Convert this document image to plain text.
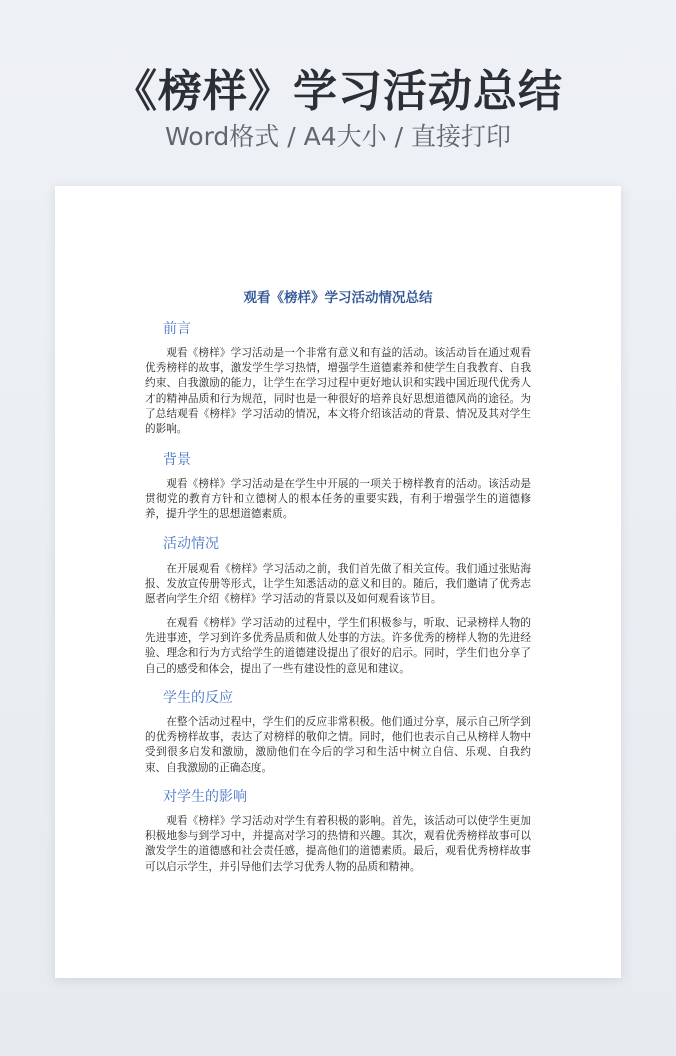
《榜样》学习活动总结
Word格式 / A4大小 / 直接打印
观看《榜样》学习活动情况总结
前言

观看《榜样》学习活动是一个非常有意义和有益的活动。该活动旨在通过观看优秀榜样的故事，激发学生学习热情，增强学生道德素养和使学生自我教育、自我约束、自我激励的能力，让学生在学习过程中更好地认识和实践中国近现代优秀人才的精神品质和行为规范，同时也是一种很好的培养良好思想道德风尚的途径。为了总结观看《榜样》学习活动的情况，本文将介绍该活动的背景、情况及其对学生的影响。

背景

观看《榜样》学习活动是在学生中开展的一项关于榜样教育的活动。该活动是贯彻党的教育方针和立德树人的根本任务的重要实践，有利于增强学生的道德修养，提升学生的思想道德素质。

活动情况

在开展观看《榜样》学习活动之前，我们首先做了相关宣传。我们通过张贴海报、发放宣传册等形式，让学生知悉活动的意义和目的。随后，我们邀请了优秀志愿者向学生介绍《榜样》学习活动的背景以及如何观看该节目。

在观看《榜样》学习活动的过程中，学生们积极参与，听取、记录榜样人物的先进事迹，学习到许多优秀品质和做人处事的方法。许多优秀的榜样人物的先进经验、理念和行为方式给学生的道德建设提出了很好的启示。同时，学生们也分享了自己的感受和体会，提出了一些有建设性的意见和建议。

学生的反应

在整个活动过程中，学生们的反应非常积极。他们通过分享，展示自己所学到的优秀榜样故事，表达了对榜样的敬仰之情。同时，他们也表示自己从榜样人物中受到很多启发和激励，激励他们在今后的学习和生活中树立自信、乐观、自我约束、自我激励的正确态度。

对学生的影响

观看《榜样》学习活动对学生有着积极的影响。首先，该活动可以使学生更加积极地参与到学习中，并提高对学习的热情和兴趣。其次，观看优秀榜样故事可以激发学生的道德感和社会责任感，提高他们的道德素质。最后，观看优秀榜样故事可以启示学生，并引导他们去学习优秀人物的品质和精神。
